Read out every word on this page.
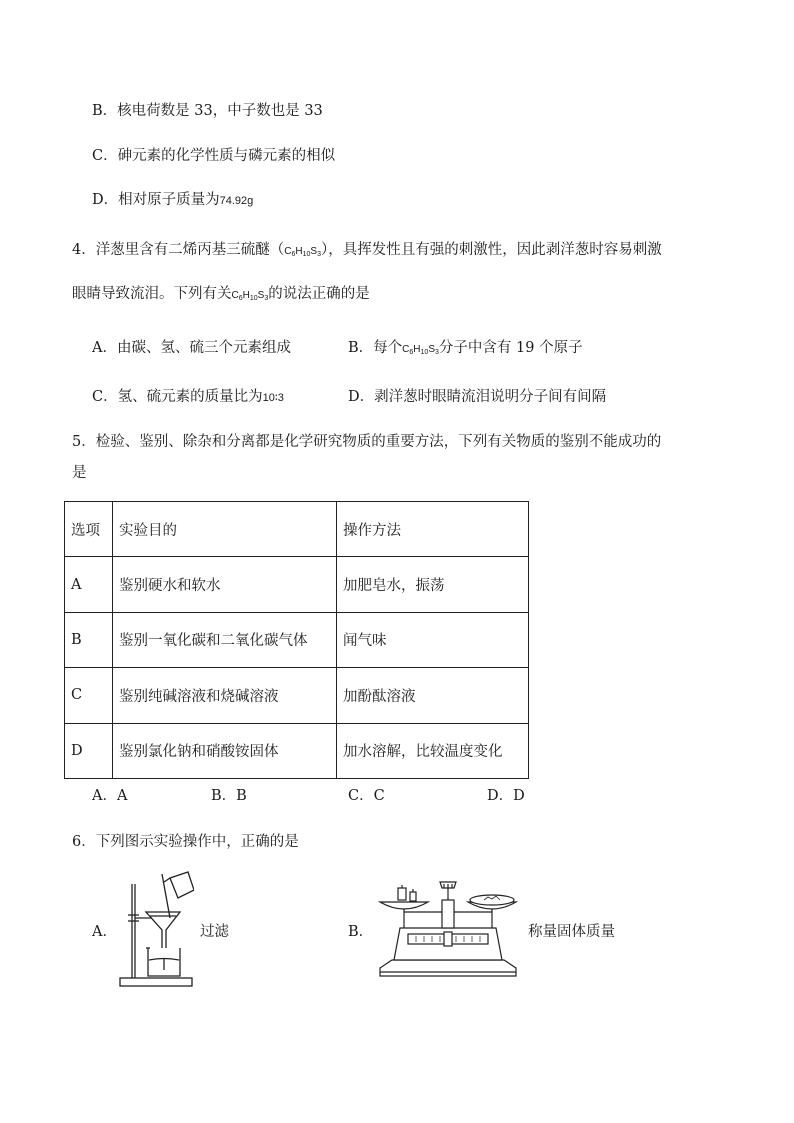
B．核电荷数是 33，中子数也是 33
C．砷元素的化学性质与磷元素的相似
D．相对原子质量为74.92g
4．洋葱里含有二烯丙基三硫醚$(C_6H_{10}S_3)$，具挥发性且有强的刺激性，因此剥洋葱时容易刺激
眼睛导致流泪。下列有关$C_6H_{10}S_3$的说法正确的是
A．由碳、氢、硫三个元素组成	B．每个$C_6H_{10}S_3$分子中含有 19 个原子
C．氢、硫元素的质量比为10∶3	D．剥洋葱时眼睛流泪说明分子间有间隔
5．检验、鉴别、除杂和分离都是化学研究物质的重要方法，下列有关物质的鉴别不能成功的
是
选项	实验目的	操作方法
A	鉴别硬水和软水	加肥皂水，振荡
B	鉴别一氧化碳和二氧化碳气体	闻气味
C	鉴别纯碱溶液和烧碱溶液	加酚酞溶液
D	鉴别氯化钠和硝酸铵固体	加水溶解，比较温度变化
A．A	B．B	C．C	D．D
6．下列图示实验操作中，正确的是
A．	过滤	B．	称量固体质量
